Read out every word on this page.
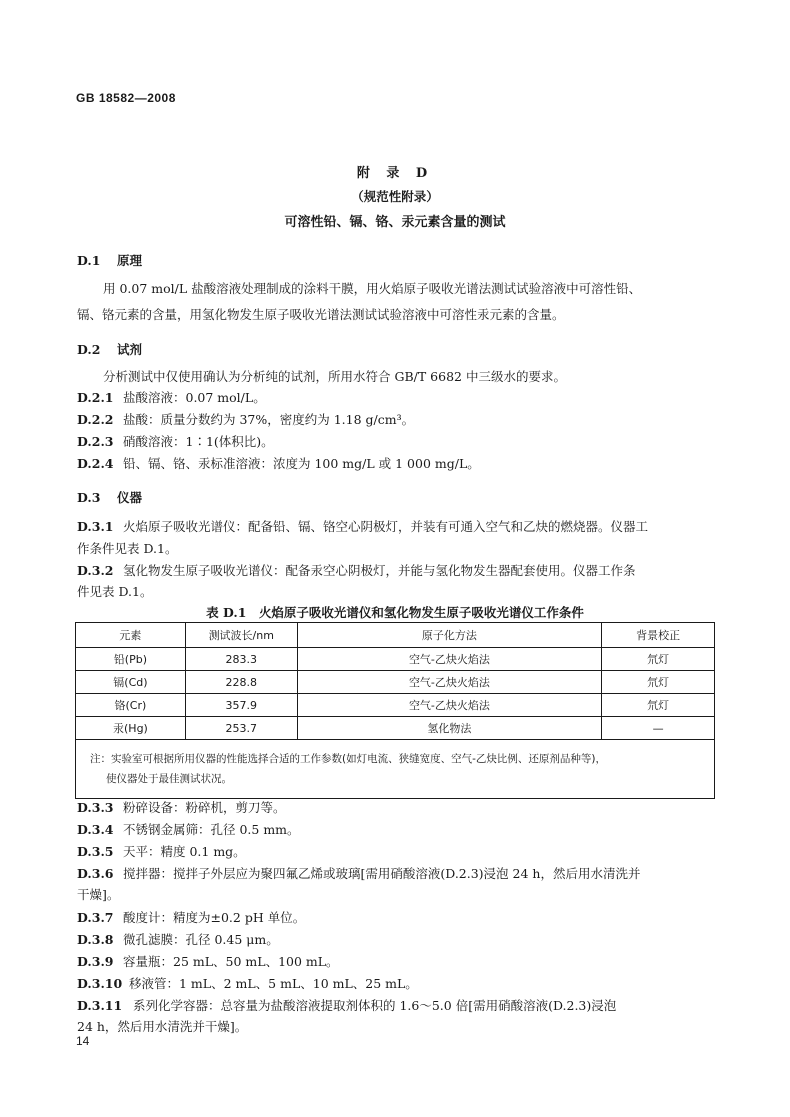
GB 18582—2008
附 录 D
（规范性附录）
可溶性铅、镉、铬、汞元素含量的测试
D.1 原理
用 0.07 mol/L 盐酸溶液处理制成的涂料干膜，用火焰原子吸收光谱法测试试验溶液中可溶性铅、
镉、铬元素的含量，用氢化物发生原子吸收光谱法测试试验溶液中可溶性汞元素的含量。
D.2 试剂
分析测试中仅使用确认为分析纯的试剂，所用水符合 GB/T 6682 中三级水的要求。
D.2.1 盐酸溶液：0.07 mol/L。
D.2.2 盐酸：质量分数约为 37%，密度约为 1.18 g/cm³。
D.2.3 硝酸溶液：1∶1(体积比)。
D.2.4 铅、镉、铬、汞标准溶液：浓度为 100 mg/L 或 1 000 mg/L。
D.3 仪器
D.3.1 火焰原子吸收光谱仪：配备铅、镉、铬空心阴极灯，并装有可通入空气和乙炔的燃烧器。仪器工
作条件见表 D.1。
D.3.2 氢化物发生原子吸收光谱仪：配备汞空心阴极灯，并能与氢化物发生器配套使用。仪器工作条
件见表 D.1。
表 D.1　火焰原子吸收光谱仪和氢化物发生原子吸收光谱仪工作条件
元素	测试波长/nm	原子化方法	背景校正
铅(Pb)	283.3	空气-乙炔火焰法	氘灯
镉(Cd)	228.8	空气-乙炔火焰法	氘灯
铬(Cr)	357.9	空气-乙炔火焰法	氘灯
汞(Hg)	253.7	氢化物法	—
注：实验室可根据所用仪器的性能选择合适的工作参数(如灯电流、狭缝宽度、空气-乙炔比例、还原剂品种等)，
使仪器处于最佳测试状况。			
D.3.3 粉碎设备：粉碎机，剪刀等。
D.3.4 不锈钢金属筛：孔径 0.5 mm。
D.3.5 天平：精度 0.1 mg。
D.3.6 搅拌器：搅拌子外层应为聚四氟乙烯或玻璃[需用硝酸溶液(D.2.3)浸泡 24 h，然后用水清洗并
干燥]。
D.3.7 酸度计：精度为±0.2 pH 单位。
D.3.8 微孔滤膜：孔径 0.45 μm。
D.3.9 容量瓶：25 mL、50 mL、100 mL。
D.3.10 移液管：1 mL、2 mL、5 mL、10 mL、25 mL。
D.3.11 系列化学容器：总容量为盐酸溶液提取剂体积的 1.6～5.0 倍[需用硝酸溶液(D.2.3)浸泡
24 h，然后用水清洗并干燥]。
14
